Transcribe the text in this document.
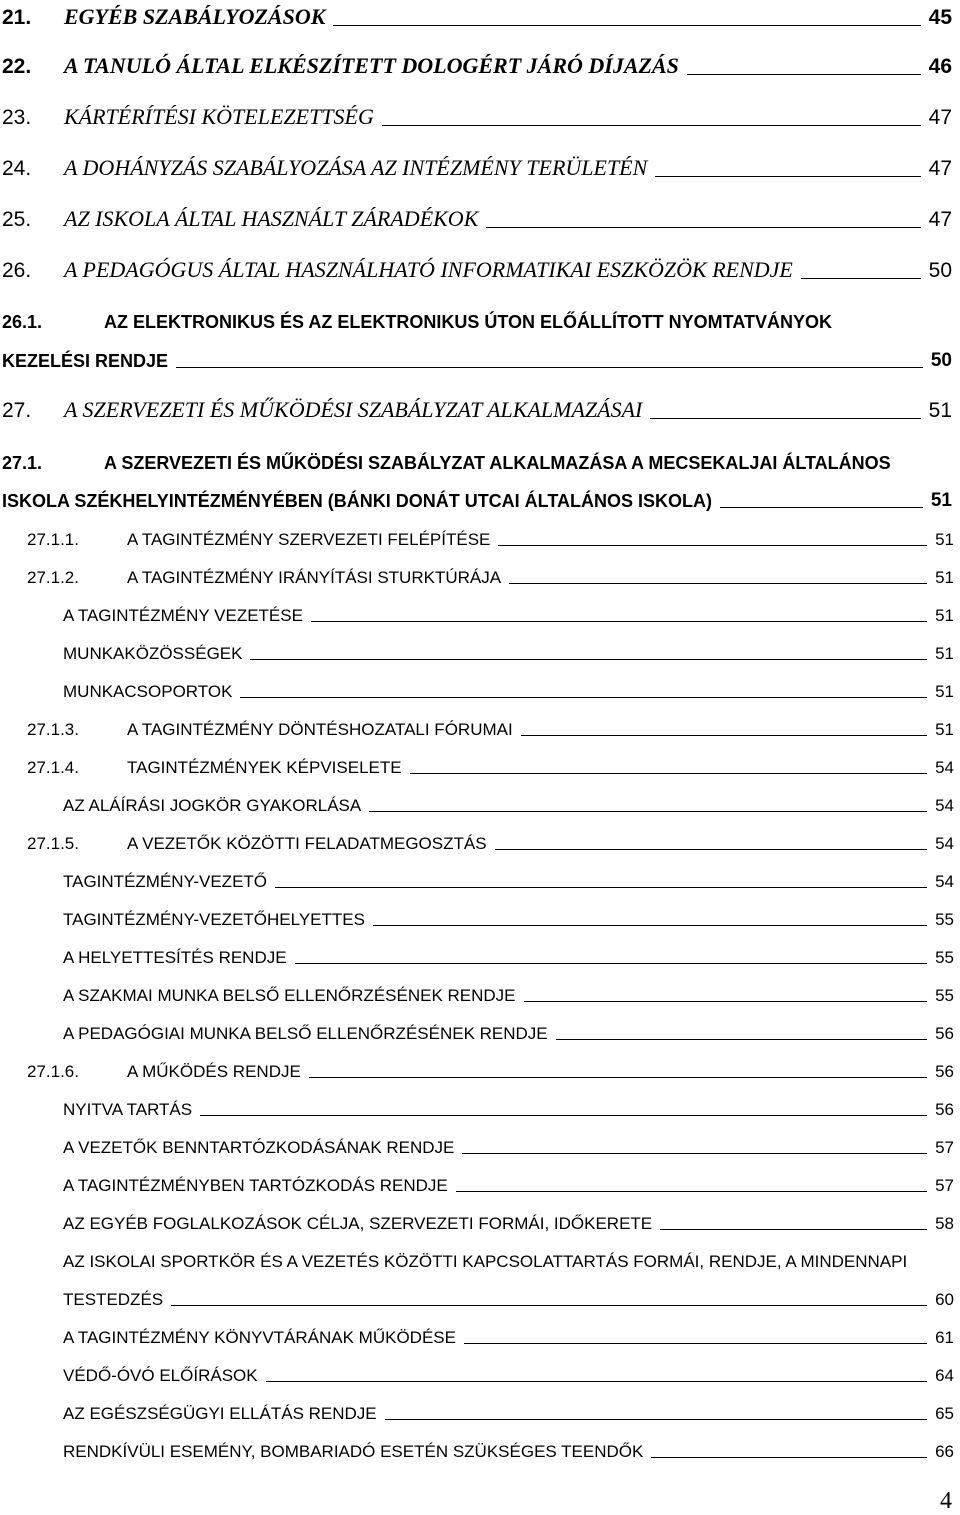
21.	EGYÉB SZABÁLYOZÁSOK	45
22.	A TANULÓ ÁLTAL ELKÉSZÍTETT DOLOGÉRT JÁRÓ DÍJAZÁS	46
23.	KÁRTÉRÍTÉSI KÖTELEZETTSÉG	47
24.	A DOHÁNYZÁS SZABÁLYOZÁSA AZ INTÉZMÉNY TERÜLETÉN	47
25.	AZ ISKOLA ÁLTAL HASZNÁLT ZÁRADÉKOK	47
26.	A PEDAGÓGUS ÁLTAL HASZNÁLHATÓ INFORMATIKAI ESZKÖZÖK RENDJE	50
26.1.	AZ ELEKTRONIKUS ÉS AZ ELEKTRONIKUS ÚTON ELŐÁLLÍTOTT NYOMTATVÁNYOK
KEZELÉSI RENDJE	50
27.	A SZERVEZETI ÉS MŰKÖDÉSI SZABÁLYZAT ALKALMAZÁSAI	51
27.1.	A SZERVEZETI ÉS MŰKÖDÉSI SZABÁLYZAT ALKALMAZÁSA A MECSEKALJAI ÁLTALÁNOS
ISKOLA SZÉKHELYINTÉZMÉNYÉBEN (BÁNKI DONÁT UTCAI ÁLTALÁNOS ISKOLA)	51
27.1.1.	A TAGINTÉZMÉNY SZERVEZETI FELÉPÍTÉSE	51
27.1.2.	A TAGINTÉZMÉNY IRÁNYÍTÁSI STURKTÚRÁJA	51
A TAGINTÉZMÉNY VEZETÉSE	51
MUNKAKÖZÖSSÉGEK	51
MUNKACSOPORTOK	51
27.1.3.	A TAGINTÉZMÉNY DÖNTÉSHOZATALI FÓRUMAI	51
27.1.4.	TAGINTÉZMÉNYEK KÉPVISELETE	54
AZ ALÁÍRÁSI JOGKÖR GYAKORLÁSA	54
27.1.5.	A VEZETŐK KÖZÖTTI FELADATMEGOSZTÁS	54
TAGINTÉZMÉNY-VEZETŐ	54
TAGINTÉZMÉNY-VEZETŐHELYETTES	55
A HELYETTESÍTÉS RENDJE	55
A SZAKMAI MUNKA BELSŐ ELLENŐRZÉSÉNEK RENDJE	55
A PEDAGÓGIAI MUNKA BELSŐ ELLENŐRZÉSÉNEK RENDJE	56
27.1.6.	A MŰKÖDÉS RENDJE	56
NYITVA TARTÁS	56
A VEZETŐK BENNTARTÓZKODÁSÁNAK RENDJE	57
A TAGINTÉZMÉNYBEN TARTÓZKODÁS RENDJE	57
AZ EGYÉB FOGLALKOZÁSOK CÉLJA, SZERVEZETI FORMÁI, IDŐKERETE	58
AZ ISKOLAI SPORTKÖR ÉS A VEZETÉS KÖZÖTTI KAPCSOLATTARTÁS FORMÁI, RENDJE, A MINDENNAPI
TESTEDZÉS	60
A TAGINTÉZMÉNY KÖNYVTÁRÁNAK MŰKÖDÉSE	61
VÉDŐ-ÓVÓ ELŐÍRÁSOK	64
AZ EGÉSZSÉGÜGYI ELLÁTÁS RENDJE	65
RENDKÍVÜLI ESEMÉNY, BOMBARIADÓ ESETÉN SZÜKSÉGES TEENDŐK	66
4
